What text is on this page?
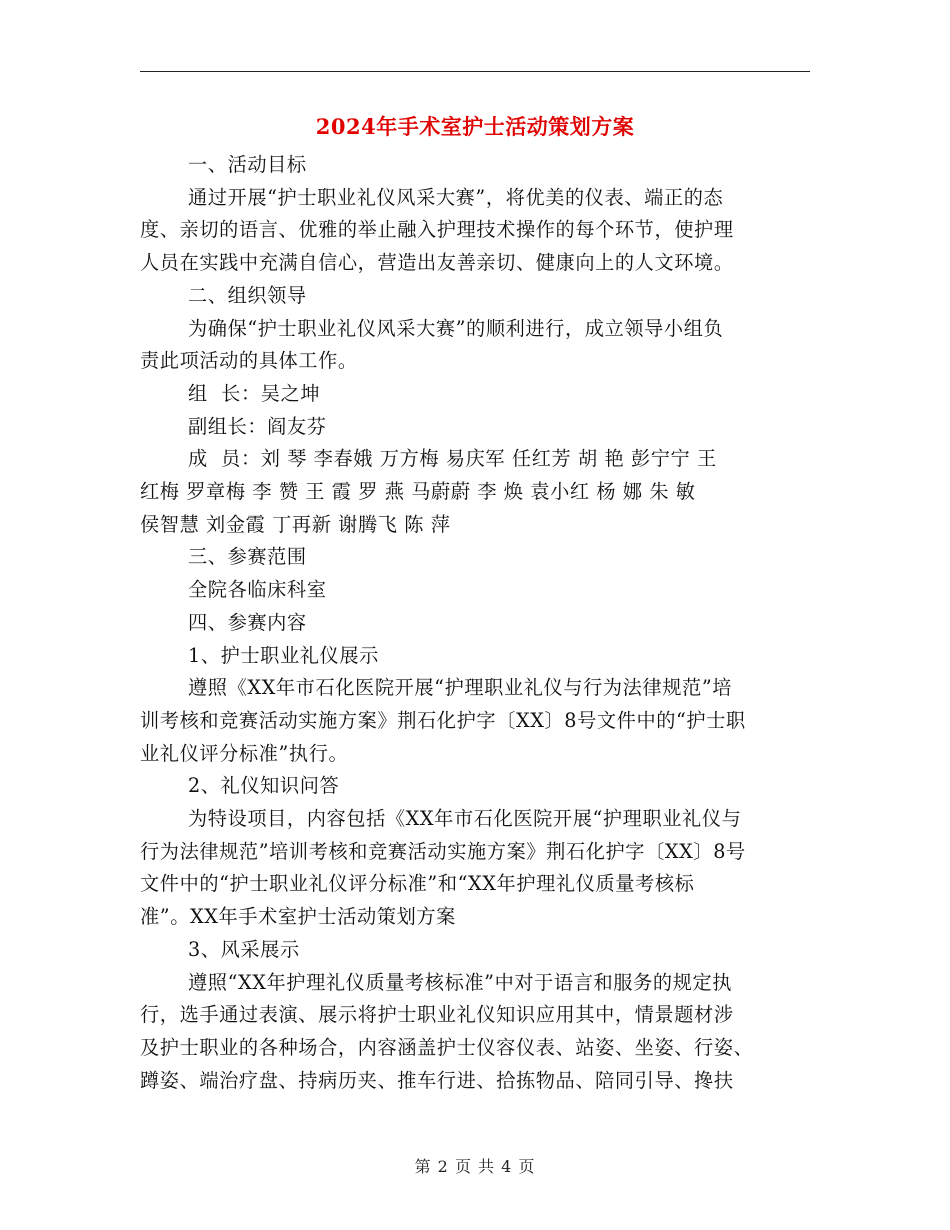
2024年手术室护士活动策划方案
一、活动目标
通过开展“护士职业礼仪风采大赛”，将优美的仪表、端正的态
度、亲切的语言、优雅的举止融入护理技术操作的每个环节，使护理
人员在实践中充满自信心，营造出友善亲切、健康向上的人文环境。
二、组织领导
为确保“护士职业礼仪风采大赛”的顺利进行，成立领导小组负
责此项活动的具体工作。
组  长：吴之坤
副组长：阎友芬
成  员：刘 琴 李春娥 万方梅 易庆军 任红芳 胡 艳 彭宁宁 王
红梅 罗章梅 李 赞 王 霞 罗 燕 马蔚蔚 李 焕 袁小红 杨 娜 朱 敏
侯智慧 刘金霞 丁再新 谢腾飞 陈 萍
三、参赛范围
全院各临床科室
四、参赛内容
1、护士职业礼仪展示
遵照《XX年市石化医院开展“护理职业礼仪与行为法律规范”培
训考核和竞赛活动实施方案》荆石化护字〔XX〕8号文件中的“护士职
业礼仪评分标准”执行。
2、礼仪知识问答
为特设项目，内容包括《XX年市石化医院开展“护理职业礼仪与
行为法律规范”培训考核和竞赛活动实施方案》荆石化护字〔XX〕8号
文件中的“护士职业礼仪评分标准”和“XX年护理礼仪质量考核标
准”。XX年手术室护士活动策划方案
3、风采展示
遵照“XX年护理礼仪质量考核标准”中对于语言和服务的规定执
行，选手通过表演、展示将护士职业礼仪知识应用其中，情景题材涉
及护士职业的各种场合，内容涵盖护士仪容仪表、站姿、坐姿、行姿、
蹲姿、端治疗盘、持病历夹、推车行进、拾拣物品、陪同引导、搀扶
第 2 页 共 4 页
